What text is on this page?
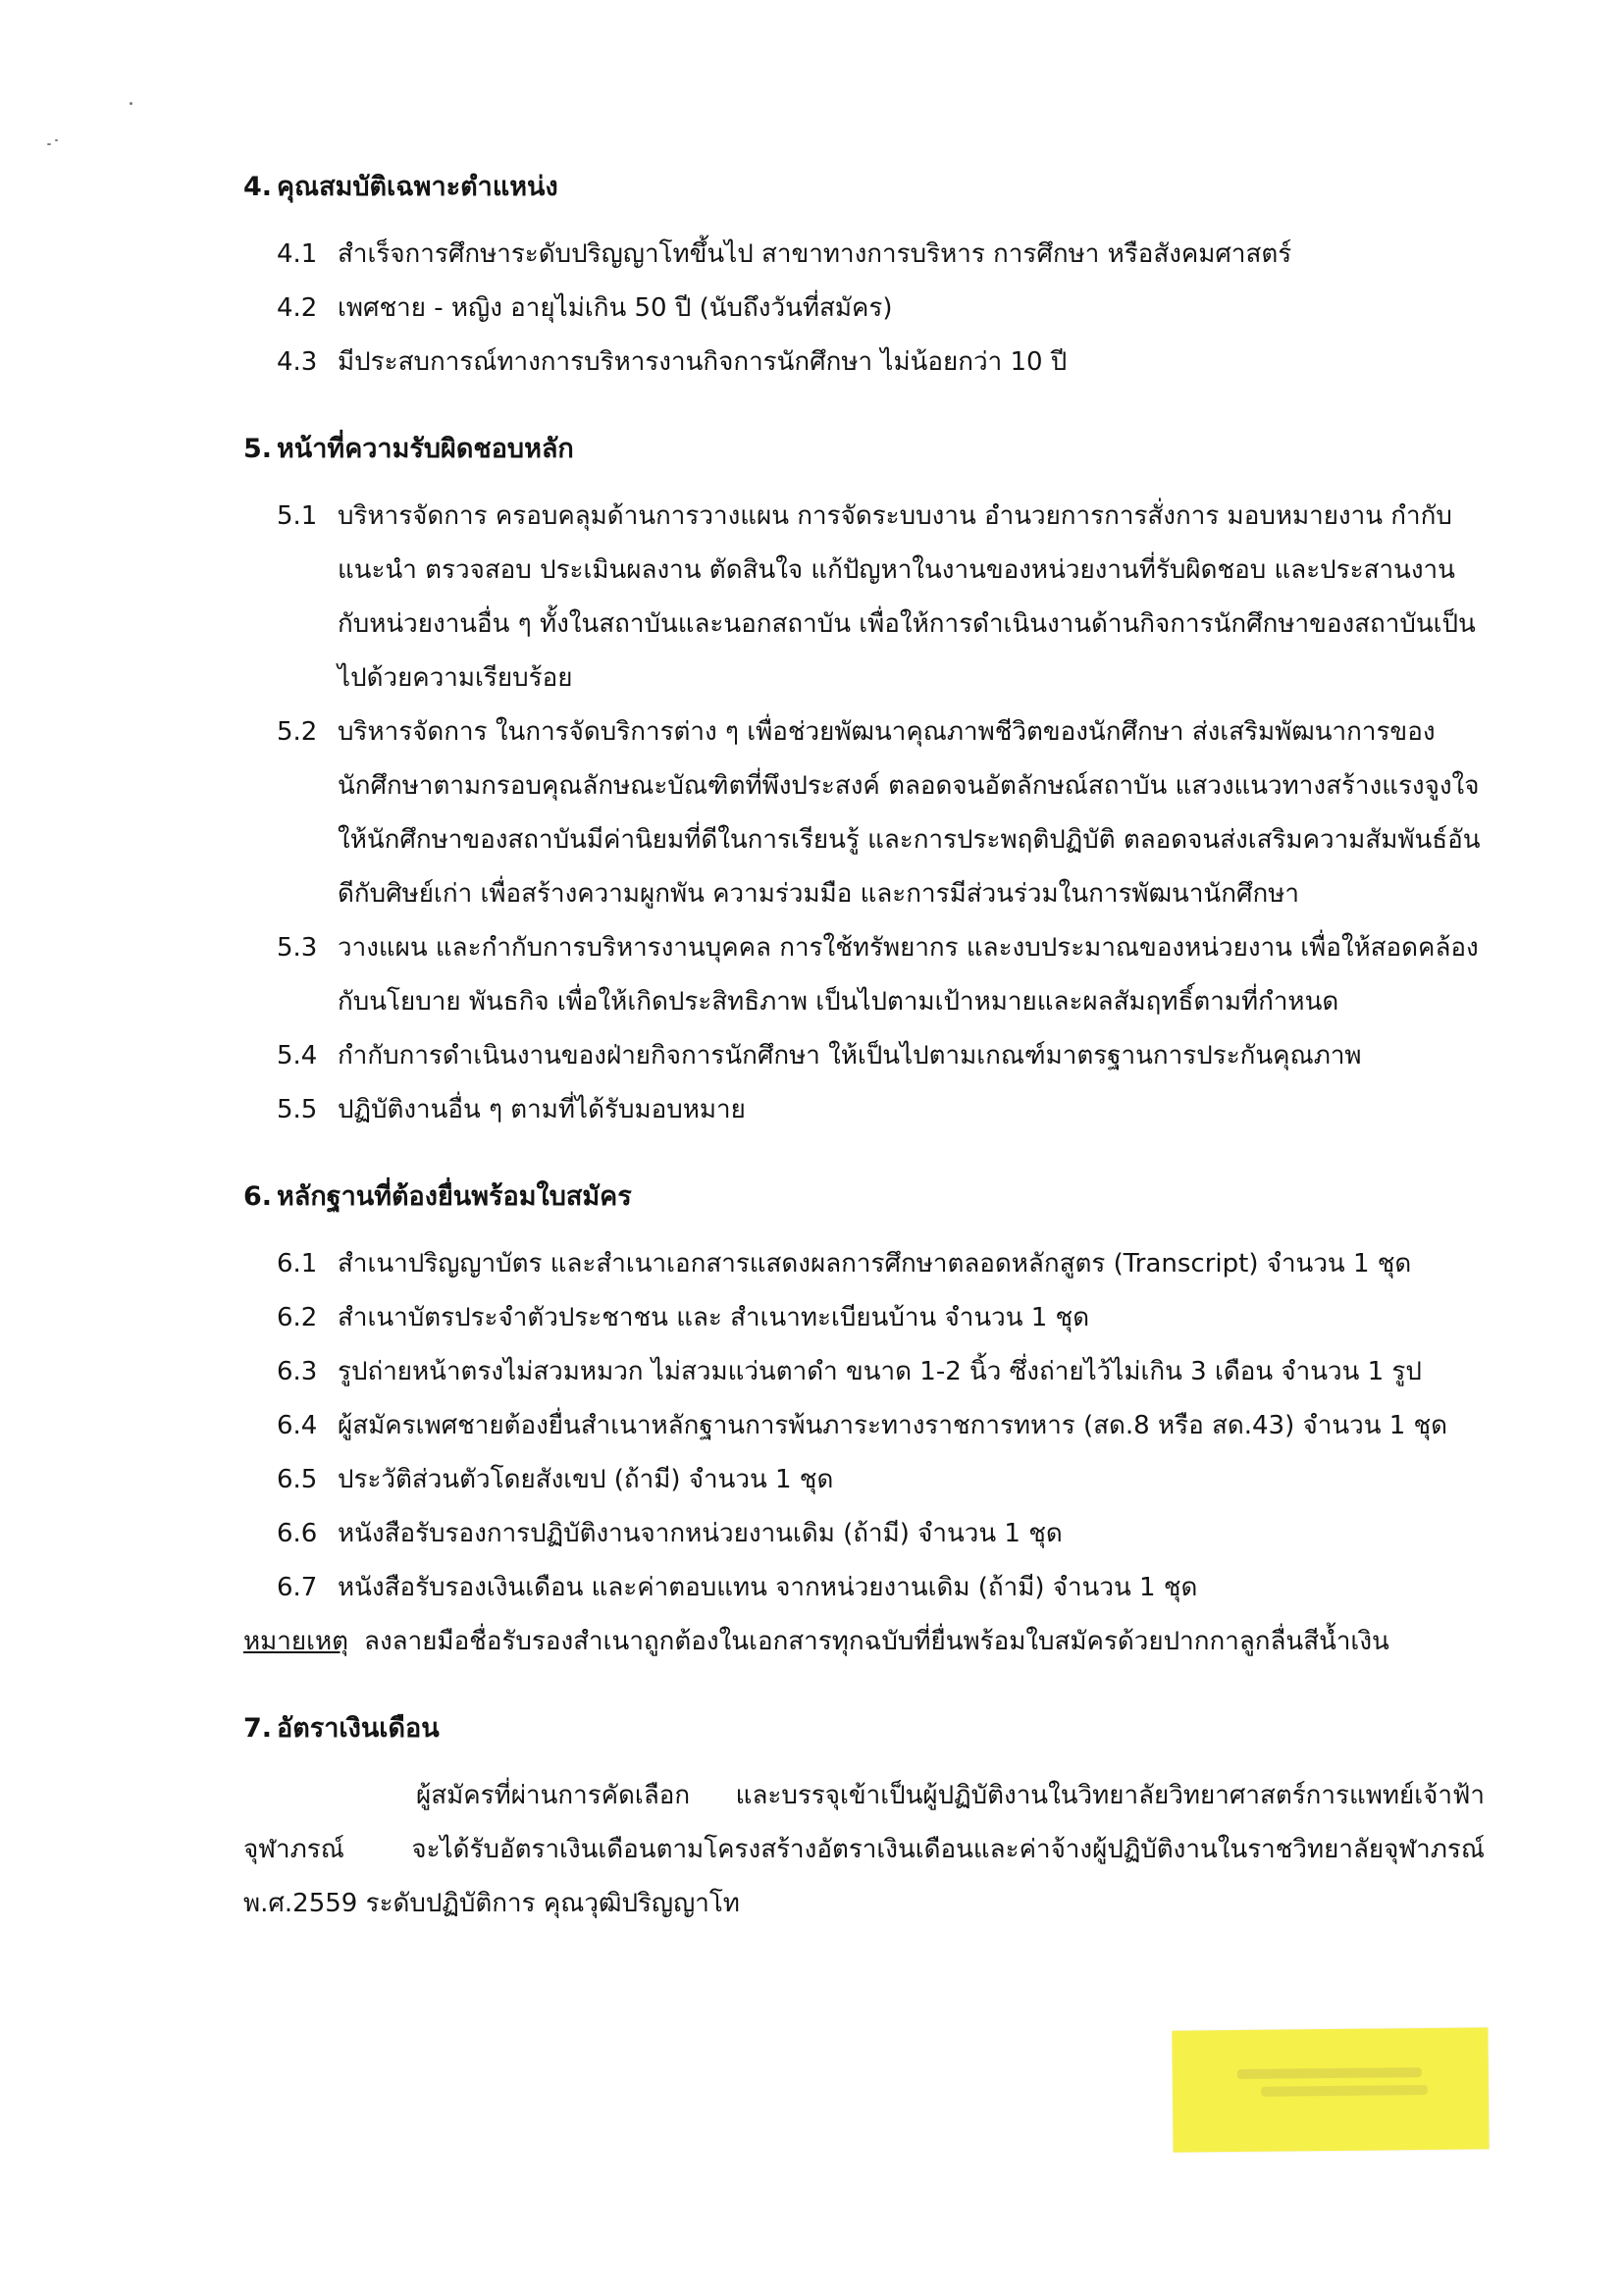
4. คุณสมบัติเฉพาะตำแหน่ง
4.1 สำเร็จการศึกษาระดับปริญญาโทขึ้นไป สาขาทางการบริหาร การศึกษา หรือสังคมศาสตร์
4.2 เพศชาย - หญิง อายุไม่เกิน 50 ปี (นับถึงวันที่สมัคร)
4.3 มีประสบการณ์ทางการบริหารงานกิจการนักศึกษา ไม่น้อยกว่า 10 ปี
5. หน้าที่ความรับผิดชอบหลัก
5.1 บริหารจัดการ ครอบคลุมด้านการวางแผน การจัดระบบงาน อำนวยการการสั่งการ มอบหมายงาน กำกับ แนะนำ ตรวจสอบ ประเมินผลงาน ตัดสินใจ แก้ปัญหาในงานของหน่วยงานที่รับผิดชอบ และประสานงานกับหน่วยงานอื่น ๆ ทั้งในสถาบันและนอกสถาบัน เพื่อให้การดำเนินงานด้านกิจการนักศึกษาของสถาบันเป็นไปด้วยความเรียบร้อย
5.2 บริหารจัดการ ในการจัดบริการต่าง ๆ เพื่อช่วยพัฒนาคุณภาพชีวิตของนักศึกษา ส่งเสริมพัฒนาการของนักศึกษาตามกรอบคุณลักษณะบัณฑิตที่พึงประสงค์ ตลอดจนอัตลักษณ์สถาบัน แสวงแนวทางสร้างแรงจูงใจให้นักศึกษาของสถาบันมีค่านิยมที่ดีในการเรียนรู้ และการประพฤติปฏิบัติ ตลอดจนส่งเสริมความสัมพันธ์อันดีกับศิษย์เก่า เพื่อสร้างความผูกพัน ความร่วมมือ และการมีส่วนร่วมในการพัฒนานักศึกษา
5.3 วางแผน และกำกับการบริหารงานบุคคล การใช้ทรัพยากร และงบประมาณของหน่วยงาน เพื่อให้สอดคล้องกับนโยบาย พันธกิจ เพื่อให้เกิดประสิทธิภาพ เป็นไปตามเป้าหมายและผลสัมฤทธิ์ตามที่กำหนด
5.4 กำกับการดำเนินงานของฝ่ายกิจการนักศึกษา ให้เป็นไปตามเกณฑ์มาตรฐานการประกันคุณภาพ
5.5 ปฏิบัติงานอื่น ๆ ตามที่ได้รับมอบหมาย
6. หลักฐานที่ต้องยื่นพร้อมใบสมัคร
6.1 สำเนาปริญญาบัตร และสำเนาเอกสารแสดงผลการศึกษาตลอดหลักสูตร (Transcript) จำนวน 1 ชุด
6.2 สำเนาบัตรประจำตัวประชาชน และ สำเนาทะเบียนบ้าน จำนวน 1 ชุด
6.3 รูปถ่ายหน้าตรงไม่สวมหมวก ไม่สวมแว่นตาดำ ขนาด 1-2 นิ้ว ซึ่งถ่ายไว้ไม่เกิน 3 เดือน จำนวน 1 รูป
6.4 ผู้สมัครเพศชายต้องยื่นสำเนาหลักฐานการพ้นภาระทางราชการทหาร (สด.8 หรือ สด.43) จำนวน 1 ชุด
6.5 ประวัติส่วนตัวโดยสังเขป (ถ้ามี) จำนวน 1 ชุด
6.6 หนังสือรับรองการปฏิบัติงานจากหน่วยงานเดิม (ถ้ามี) จำนวน 1 ชุด
6.7 หนังสือรับรองเงินเดือน และค่าตอบแทน จากหน่วยงานเดิม (ถ้ามี) จำนวน 1 ชุด
หมายเหตุ ลงลายมือชื่อรับรองสำเนาถูกต้องในเอกสารทุกฉบับที่ยื่นพร้อมใบสมัครด้วยปากกาลูกลื่นสีน้ำเงิน
7. อัตราเงินเดือน
ผู้สมัครที่ผ่านการคัดเลือก และบรรจุเข้าเป็นผู้ปฏิบัติงานในวิทยาลัยวิทยาศาสตร์การแพทย์เจ้าฟ้าจุฬาภรณ์ จะได้รับอัตราเงินเดือนตามโครงสร้างอัตราเงินเดือนและค่าจ้างผู้ปฏิบัติงานในราชวิทยาลัยจุฬาภรณ์ พ.ศ.2559 ระดับปฏิบัติการ คุณวุฒิปริญญาโท
